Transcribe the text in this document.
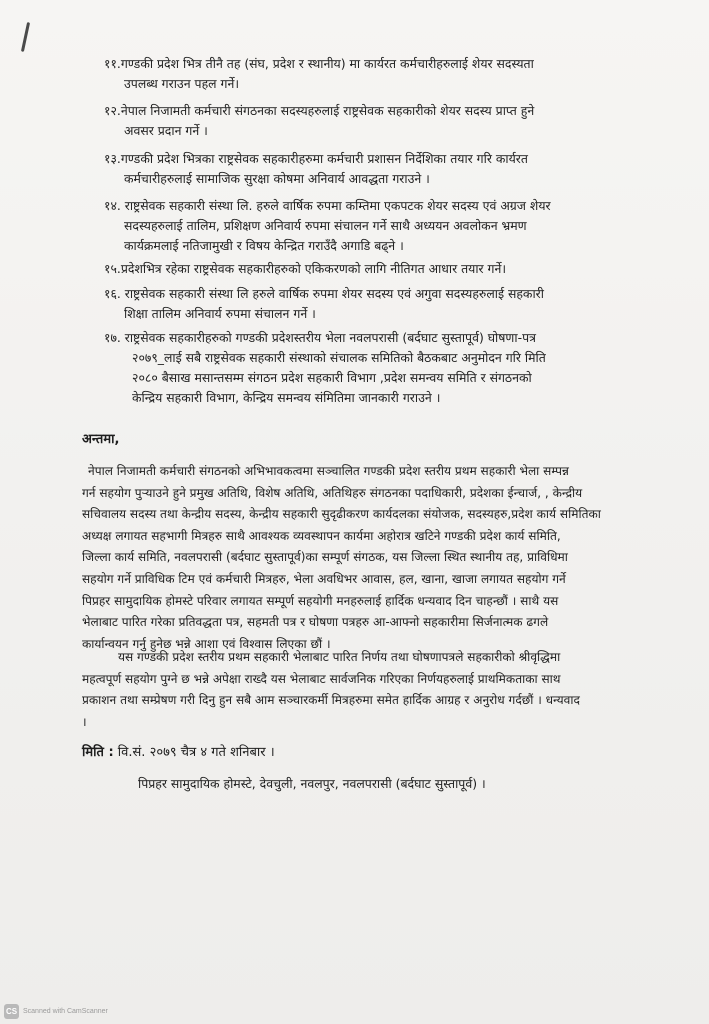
११.गण्डकी प्रदेश भित्र तीनै तह (संघ, प्रदेश र स्थानीय) मा कार्यरत कर्मचारीहरुलाई शेयर सदस्यता
उपलब्ध गराउन पहल गर्ने।
१२.नेपाल निजामती कर्मचारी संगठनका सदस्यहरुलाई राष्ट्रसेवक सहकारीको शेयर सदस्य प्राप्त हुने
अवसर प्रदान गर्ने ।
१३.गण्डकी प्रदेश भित्रका राष्ट्रसेवक सहकारीहरुमा कर्मचारी प्रशासन निर्देशिका तयार गरि कार्यरत
कर्मचारीहरुलाई सामाजिक सुरक्षा कोषमा अनिवार्य आवद्धता गराउने ।
१४. राष्ट्रसेवक सहकारी संस्था लि. हरुले वार्षिक रुपमा कम्तिमा एकपटक शेयर सदस्य एवं अग्रज शेयर
सदस्यहरुलाई तालिम, प्रशिक्षण अनिवार्य रुपमा संचालन गर्ने साथै अध्ययन अवलोकन भ्रमण
कार्यक्रमलाई नतिजामुखी र विषय केन्द्रित गराउँदै अगाडि बढ्ने ।
१५.प्रदेशभित्र रहेका राष्ट्रसेवक सहकारीहरुको एकिकरणको लागि नीतिगत आधार तयार गर्ने।
१६. राष्ट्रसेवक सहकारी संस्था लि हरुले वार्षिक रुपमा शेयर सदस्य एवं अगुवा सदस्यहरुलाई सहकारी
शिक्षा तालिम अनिवार्य रुपमा संचालन गर्ने ।
१७. राष्ट्रसेवक सहकारीहरुको गण्डकी प्रदेशस्तरीय भेला नवलपरासी (बर्दघाट सुस्तापूर्व) घोषणा-पत्र
२०७९_लाई सबै राष्ट्रसेवक सहकारी संस्थाको संचालक समितिको बैठकबाट अनुमोदन गरि मिति
२०८० बैसाख मसान्तसम्म संगठन प्रदेश सहकारी विभाग ,प्रदेश समन्वय समिति र संगठनको
केन्द्रिय सहकारी विभाग, केन्द्रिय समन्वय संमितिमा जानकारी गराउने ।
अन्तमा,
नेपाल निजामती कर्मचारी संगठनको अभिभावकत्वमा सञ्चालित गण्डकी प्रदेश स्तरीय प्रथम सहकारी भेला सम्पन्न
गर्न सहयोग पुऱ्याउने हुने प्रमुख अतिथि, विशेष अतिथि, अतिथिहरु संगठनका पदाधिकारी, प्रदेशका ईन्चार्ज, , केन्द्रीय
सचिवालय सदस्य तथा केन्द्रीय सदस्य, केन्द्रीय सहकारी सुदृढीकरण कार्यदलका संयोजक, सदस्यहरु,प्रदेश कार्य समितिका
अध्यक्ष लगायत सहभागी मित्रहरु साथै आवश्यक व्यवस्थापन कार्यमा अहोरात्र खटिने गण्डकी प्रदेश कार्य समिति,
जिल्ला कार्य समिति, नवलपरासी (बर्दघाट सुस्तापूर्व)का सम्पूर्ण संगठक, यस जिल्ला स्थित स्थानीय तह, प्राविधिमा
सहयोग गर्ने प्राविधिक टिम एवं कर्मचारी मित्रहरु, भेला अवधिभर आवास, हल, खाना, खाजा लगायत सहयोग गर्ने
पिप्रहर सामुदायिक होमस्टे परिवार लगायत सम्पूर्ण सहयोगी मनहरुलाई हार्दिक धन्यवाद दिन चाहन्छौं । साथै यस
भेलाबाट पारित गरेका प्रतिवद्धता पत्र, सहमती पत्र र घोषणा पत्रहरु आ-आफ्नो सहकारीमा सिर्जनात्मक ढगले
कार्यान्वयन गर्नु हुनेछ भन्ने आशा एवं विश्वास लिएका छौं ।
यस गण्डकी प्रदेश स्तरीय प्रथम सहकारी भेलाबाट पारित निर्णय तथा घोषणापत्रले सहकारीको श्रीवृद्धिमा
महत्वपूर्ण सहयोग पुग्ने छ भन्ने अपेक्षा राख्दै यस भेलाबाट सार्वजनिक गरिएका निर्णयहरुलाई प्राथमिकताका साथ
प्रकाशन तथा सम्प्रेषण गरी दिनु हुन सबै आम सञ्चारकर्मी मित्रहरुमा समेत हार्दिक आग्रह र अनुरोध गर्दछौं । धन्यवाद
।
मिति : वि.सं. २०७९ चैत्र ४ गते शनिबार ।
पिप्रहर सामुदायिक होमस्टे, देवचुली, नवलपुर, नवलपरासी (बर्दघाट सुस्तापूर्व) ।
CS Scanned with CamScanner
